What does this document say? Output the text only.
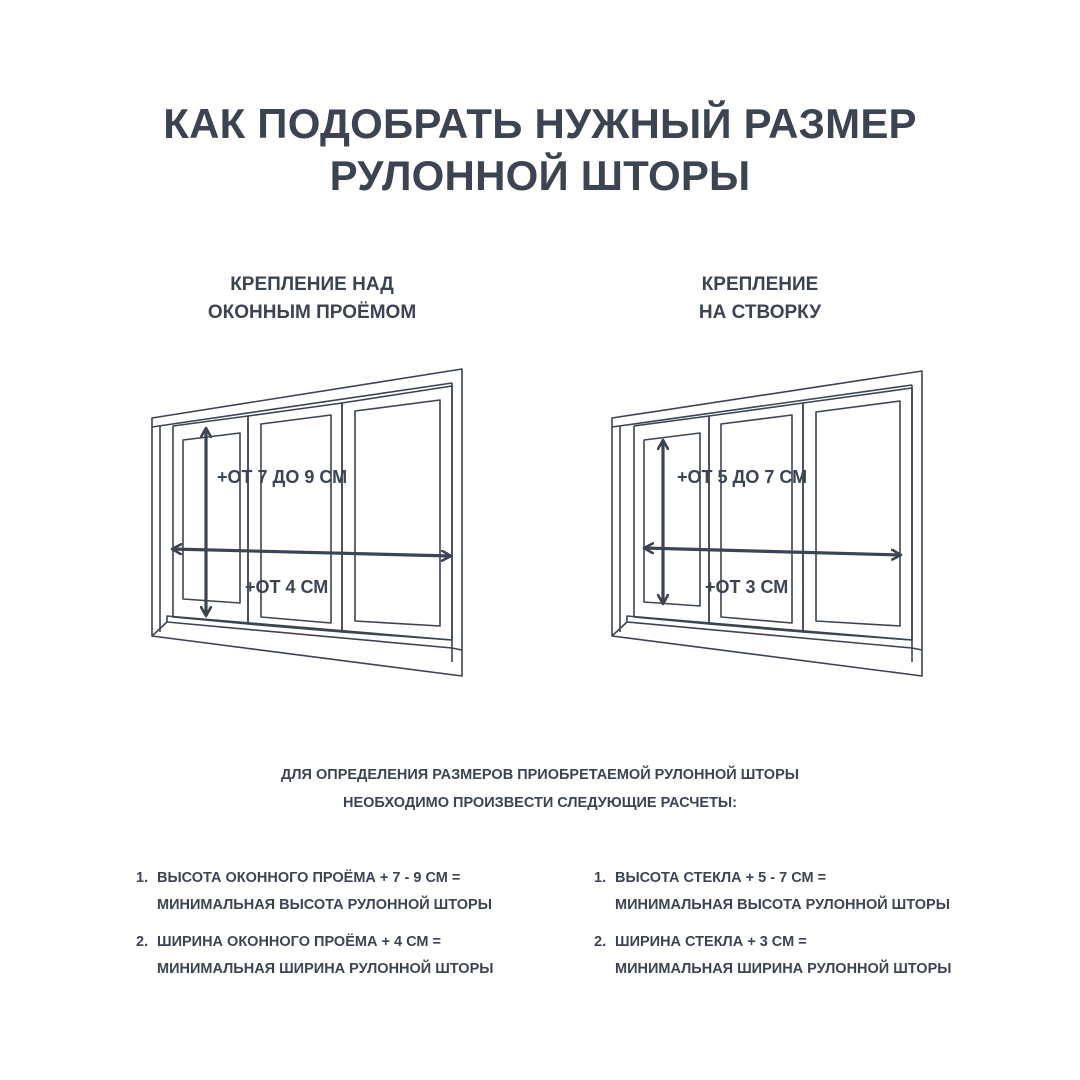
КАК ПОДОБРАТЬ НУЖНЫЙ РАЗМЕР
РУЛОННОЙ ШТОРЫ
КРЕПЛЕНИЕ НАД
ОКОННЫМ ПРОЁМОМ
КРЕПЛЕНИЕ
НА СТВОРКУ
+ОТ 7 ДО 9 СМ
+ОТ 4 СМ
+ОТ 5 ДО 7 СМ
+ОТ 3 СМ
ДЛЯ ОПРЕДЕЛЕНИЯ РАЗМЕРОВ ПРИОБРЕТАЕМОЙ РУЛОННОЙ ШТОРЫ
НЕОБХОДИМО ПРОИЗВЕСТИ СЛЕДУЮЩИЕ РАСЧЕТЫ:
1. ВЫСОТА ОКОННОГО ПРОЁМА + 7 - 9 СМ =
МИНИМАЛЬНАЯ ВЫСОТА РУЛОННОЙ ШТОРЫ
2. ШИРИНА ОКОННОГО ПРОЁМА + 4 СМ =
МИНИМАЛЬНАЯ ШИРИНА РУЛОННОЙ ШТОРЫ
1. ВЫСОТА СТЕКЛА + 5 - 7 СМ =
МИНИМАЛЬНАЯ ВЫСОТА РУЛОННОЙ ШТОРЫ
2. ШИРИНА СТЕКЛА + 3 СМ =
МИНИМАЛЬНАЯ ШИРИНА РУЛОННОЙ ШТОРЫ
